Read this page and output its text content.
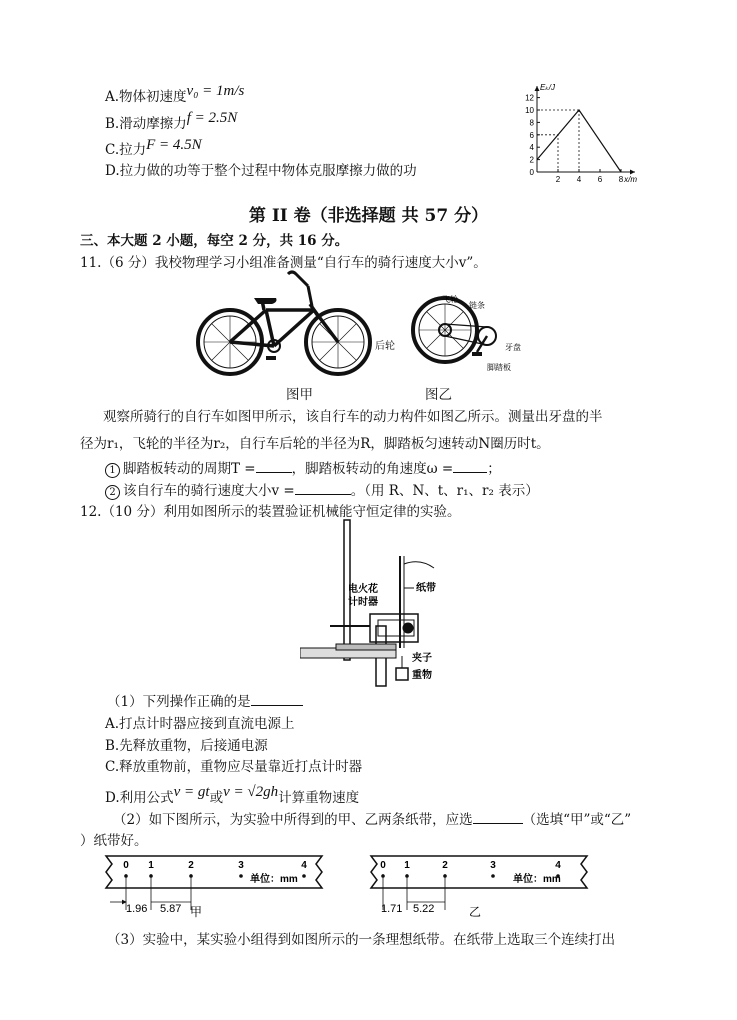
A.物体初速度v₀ = 1m/s
B.滑动摩擦力f = 2.5N
C.拉力F = 4.5N
D.拉力做的功等于整个过程中物体克服摩擦力做的功
2
4
6
8
10
12
2 4 6 8
0
Eₖ/J
x/m
第 II 卷（非选择题 共 57 分）
三、本大题 2 小题，每空 2 分，共 16 分。
11.（6 分）我校物理学习小组准备测量“自行车的骑行速度大小v”。
飞轮
链条
牙盘
脚踏板
后轮
图甲	图乙
观察所骑行的自行车如图甲所示，该自行车的动力构件如图乙所示。测量出牙盘的半
径为r₁，飞轮的半径为r₂，自行车后轮的半径为R，脚踏板匀速转动N圈历时t。
1 脚踏板转动的周期T =	，脚踏板转动的角速度ω =	；
2 该自行车的骑行速度大小v =	。（用 R、N、t、r₁、r₂ 表示）
12.（10 分）利用如图所示的装置验证机械能守恒定律的实验。
电火花
计时器
纸带
夹子
重物
（1）下列操作正确的是
A.打点计时器应接到直流电源上
B.先释放重物，后接通电源
C.释放重物前，重物应尽量靠近打点计时器
D.利用公式v = gt或v = √2gh计算重物速度
（2）如下图所示，为实验中所得到的甲、乙两条纸带，应选	（选填“甲”或“乙”
）纸带好。
0 1	2	3	4
单位：mm
1.96 5.87 甲
0 1	2	3	4
单位：mm
1.71 5.22	乙
（3）实验中，某实验小组得到如图所示的一条理想纸带。在纸带上选取三个连续打出
